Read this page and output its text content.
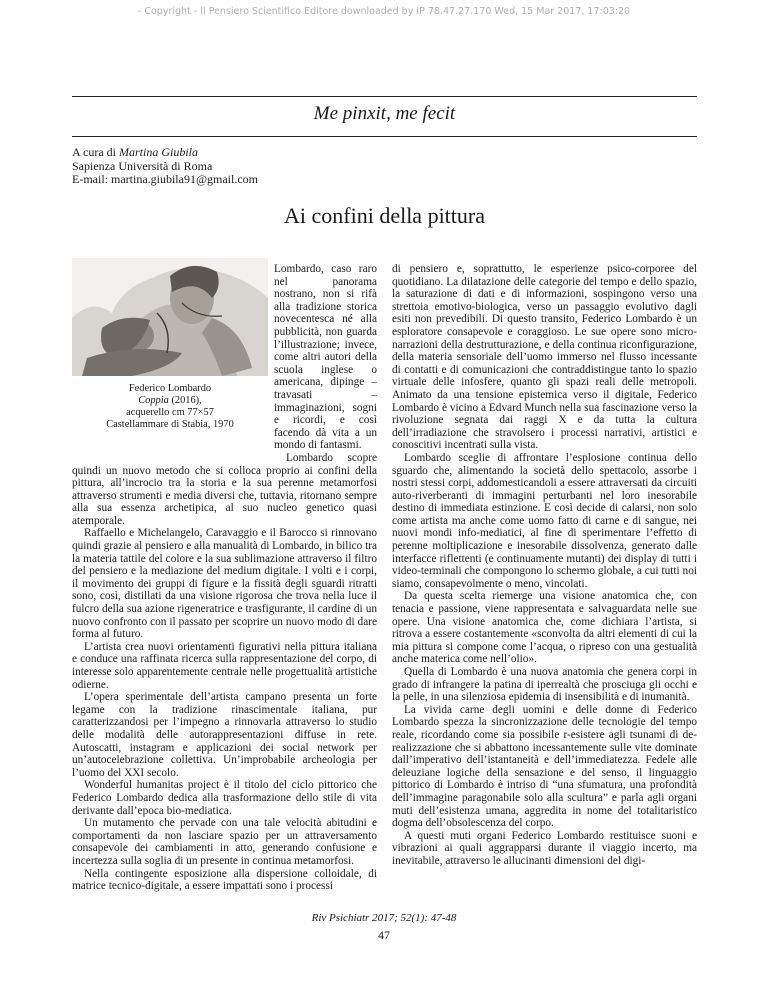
- Copyright - Il Pensiero Scientifico Editore downloaded by IP 78.47.27.170 Wed, 15 Mar 2017, 17:03:20
Me pinxit, me fecit
A cura di Martina Giubila
Sapienza Università di Roma
E-mail: martina.giubila91@gmail.com
Ai confini della pittura
Federico Lombardo
Coppia (2016),
acquerello cm 77×57
Castellammare di Stabia, 1970

Lombardo, caso raro nel panorama nostrano, non si rifà alla tradizione storica novecentesca né alla pubblicità, non guarda l’illustrazione; invece, come altri autori della scuola inglese o americana, dipinge – travasati – immaginazioni, sogni e ricordi, e così facendo dà vita a un mondo di fantasmi.

Lombardo scopre quindi un nuovo metodo che si colloca proprio ai confini della pittura, all’incrocio tra la storia e la sua perenne metamorfosi attraverso strumenti e media diversi che, tuttavia, ritornano sempre alla sua essenza archetipica, al suo nucleo genetico quasi atemporale.

Raffaello e Michelangelo, Caravaggio e il Barocco si rinnovano quindi grazie al pensiero e alla manualità di Lombardo, in bilico tra la materia tattile del colore e la sua sublimazione attraverso il filtro del pensiero e la mediazione del medium digitale. I volti e i corpi, il movimento dei gruppi di figure e la fissità degli sguardi ritratti sono, così, distillati da una visione rigorosa che trova nella luce il fulcro della sua azione rigeneratrice e trasfigurante, il cardine di un nuovo confronto con il passato per scoprire un nuovo modo di dare forma al futuro.

L’artista crea nuovi orientamenti figurativi nella pittura italiana e conduce una raffinata ricerca sulla rappresentazione del corpo, di interesse solo apparentemente centrale nelle progettualità artistiche odierne.

L’opera sperimentale dell’artista campano presenta un forte legame con la tradizione rinascimentale italiana, pur caratterizzandosi per l’impegno a rinnovarla attraverso lo studio delle modalità delle autorappresentazioni diffuse in rete. Autoscatti, instagram e applicazioni dei social network per un’autocelebrazione collettiva. Un’improbabile archeologia per l’uomo del XXI secolo.

Wonderful humanitas project è il titolo del ciclo pittorico che Federico Lombardo dedica alla trasformazione dello stile di vita derivante dall’epoca bio-mediatica.

Un mutamento che pervade con una tale velocità abitudini e comportamenti da non lasciare spazio per un attraversamento consapevole dei cambiamenti in atto, generando confusione e incertezza sulla soglia di un presente in continua metamorfosi.

Nella contingente esposizione alla dispersione colloidale, di matrice tecnico-digitale, a essere impattati sono i processi

di pensiero e, soprattutto, le esperienze psico-corporee del quotidiano. La dilatazione delle categorie del tempo e dello spazio, la saturazione di dati e di informazioni, sospingono verso una strettoia emotivo-biologica, verso un passaggio evolutivo dagli esiti non prevedibili. Di questo transito, Federico Lombardo è un esploratore consapevole e coraggioso. Le sue opere sono micro-narrazioni della destrutturazione, e della continua riconfigurazione, della materia sensoriale dell’uomo immerso nel flusso incessante di contatti e di comunicazioni che contraddistingue tanto lo spazio virtuale delle infosfere, quanto gli spazi reali delle metropoli. Animato da una tensione epistemica verso il digitale, Federico Lombardo è vicino a Edvard Munch nella sua fascinazione verso la rivoluzione segnata dai raggi X e da tutta la cultura dell’irradiazione che stravolsero i processi narrativi, artistici e conoscitivi incentrati sulla vista.

Lombardo sceglie di affrontare l’esplosione continua dello sguardo che, alimentando la società dello spettacolo, assorbe i nostri stessi corpi, addomesticandoli a essere attraversati da circuiti auto-riverberanti di immagini perturbanti nel loro inesorabile destino di immediata estinzione. E così decide di calarsi, non solo come artista ma anche come uomo fatto di carne e di sangue, nei nuovi mondi info-mediatici, al fine di sperimentare l’effetto di perenne moltiplicazione e inesorabile dissolvenza, generato dalle interfacce riflettenti (e continuamente mutanti) dei display di tutti i video-terminali che compongono lo schermo globale, a cui tutti noi siamo, consapevolmente o meno, vincolati.

Da questa scelta riemerge una visione anatomica che, con tenacia e passione, viene rappresentata e salvaguardata nelle sue opere. Una visione anatomica che, come dichiara l’artista, si ritrova a essere costantemente «sconvolta da altri elementi di cui la mia pittura si compone come l’acqua, o ripreso con una gestualità anche materica come nell’olio».

Quella di Lombardo è una nuova anatomia che genera corpi in grado di infrangere la patina di iperrealtà che prosciuga gli occhi e la pelle, in una silenziosa epidemia di insensibilità e di inumanità.

La vivida carne degli uomini e delle donne di Federico Lombardo spezza la sincronizzazione delle tecnologie del tempo reale, ricordando come sia possibile r-esistere agli tsunami di de-realizzazione che si abbattono incessantemente sulle vite dominate dall’imperativo dell’istantaneità e dell’immediatezza. Fedele alle deleuziane logiche della sensazione e del senso, il linguaggio pittorico di Lombardo è intriso di “una sfumatura, una profondità dell’immagine paragonabile solo alla scultura” e parla agli organi muti dell’esistenza umana, aggredita in nome del totalitaristico dogma dell’obsolescenza del corpo.

A questi muti organi Federico Lombardo restituisce suoni e vibrazioni ai quali aggrapparsi durante il viaggio incerto, ma inevitabile, attraverso le allucinanti dimensioni del digi-

Riv Psichiatr 2017; 52(1): 47-48
47
